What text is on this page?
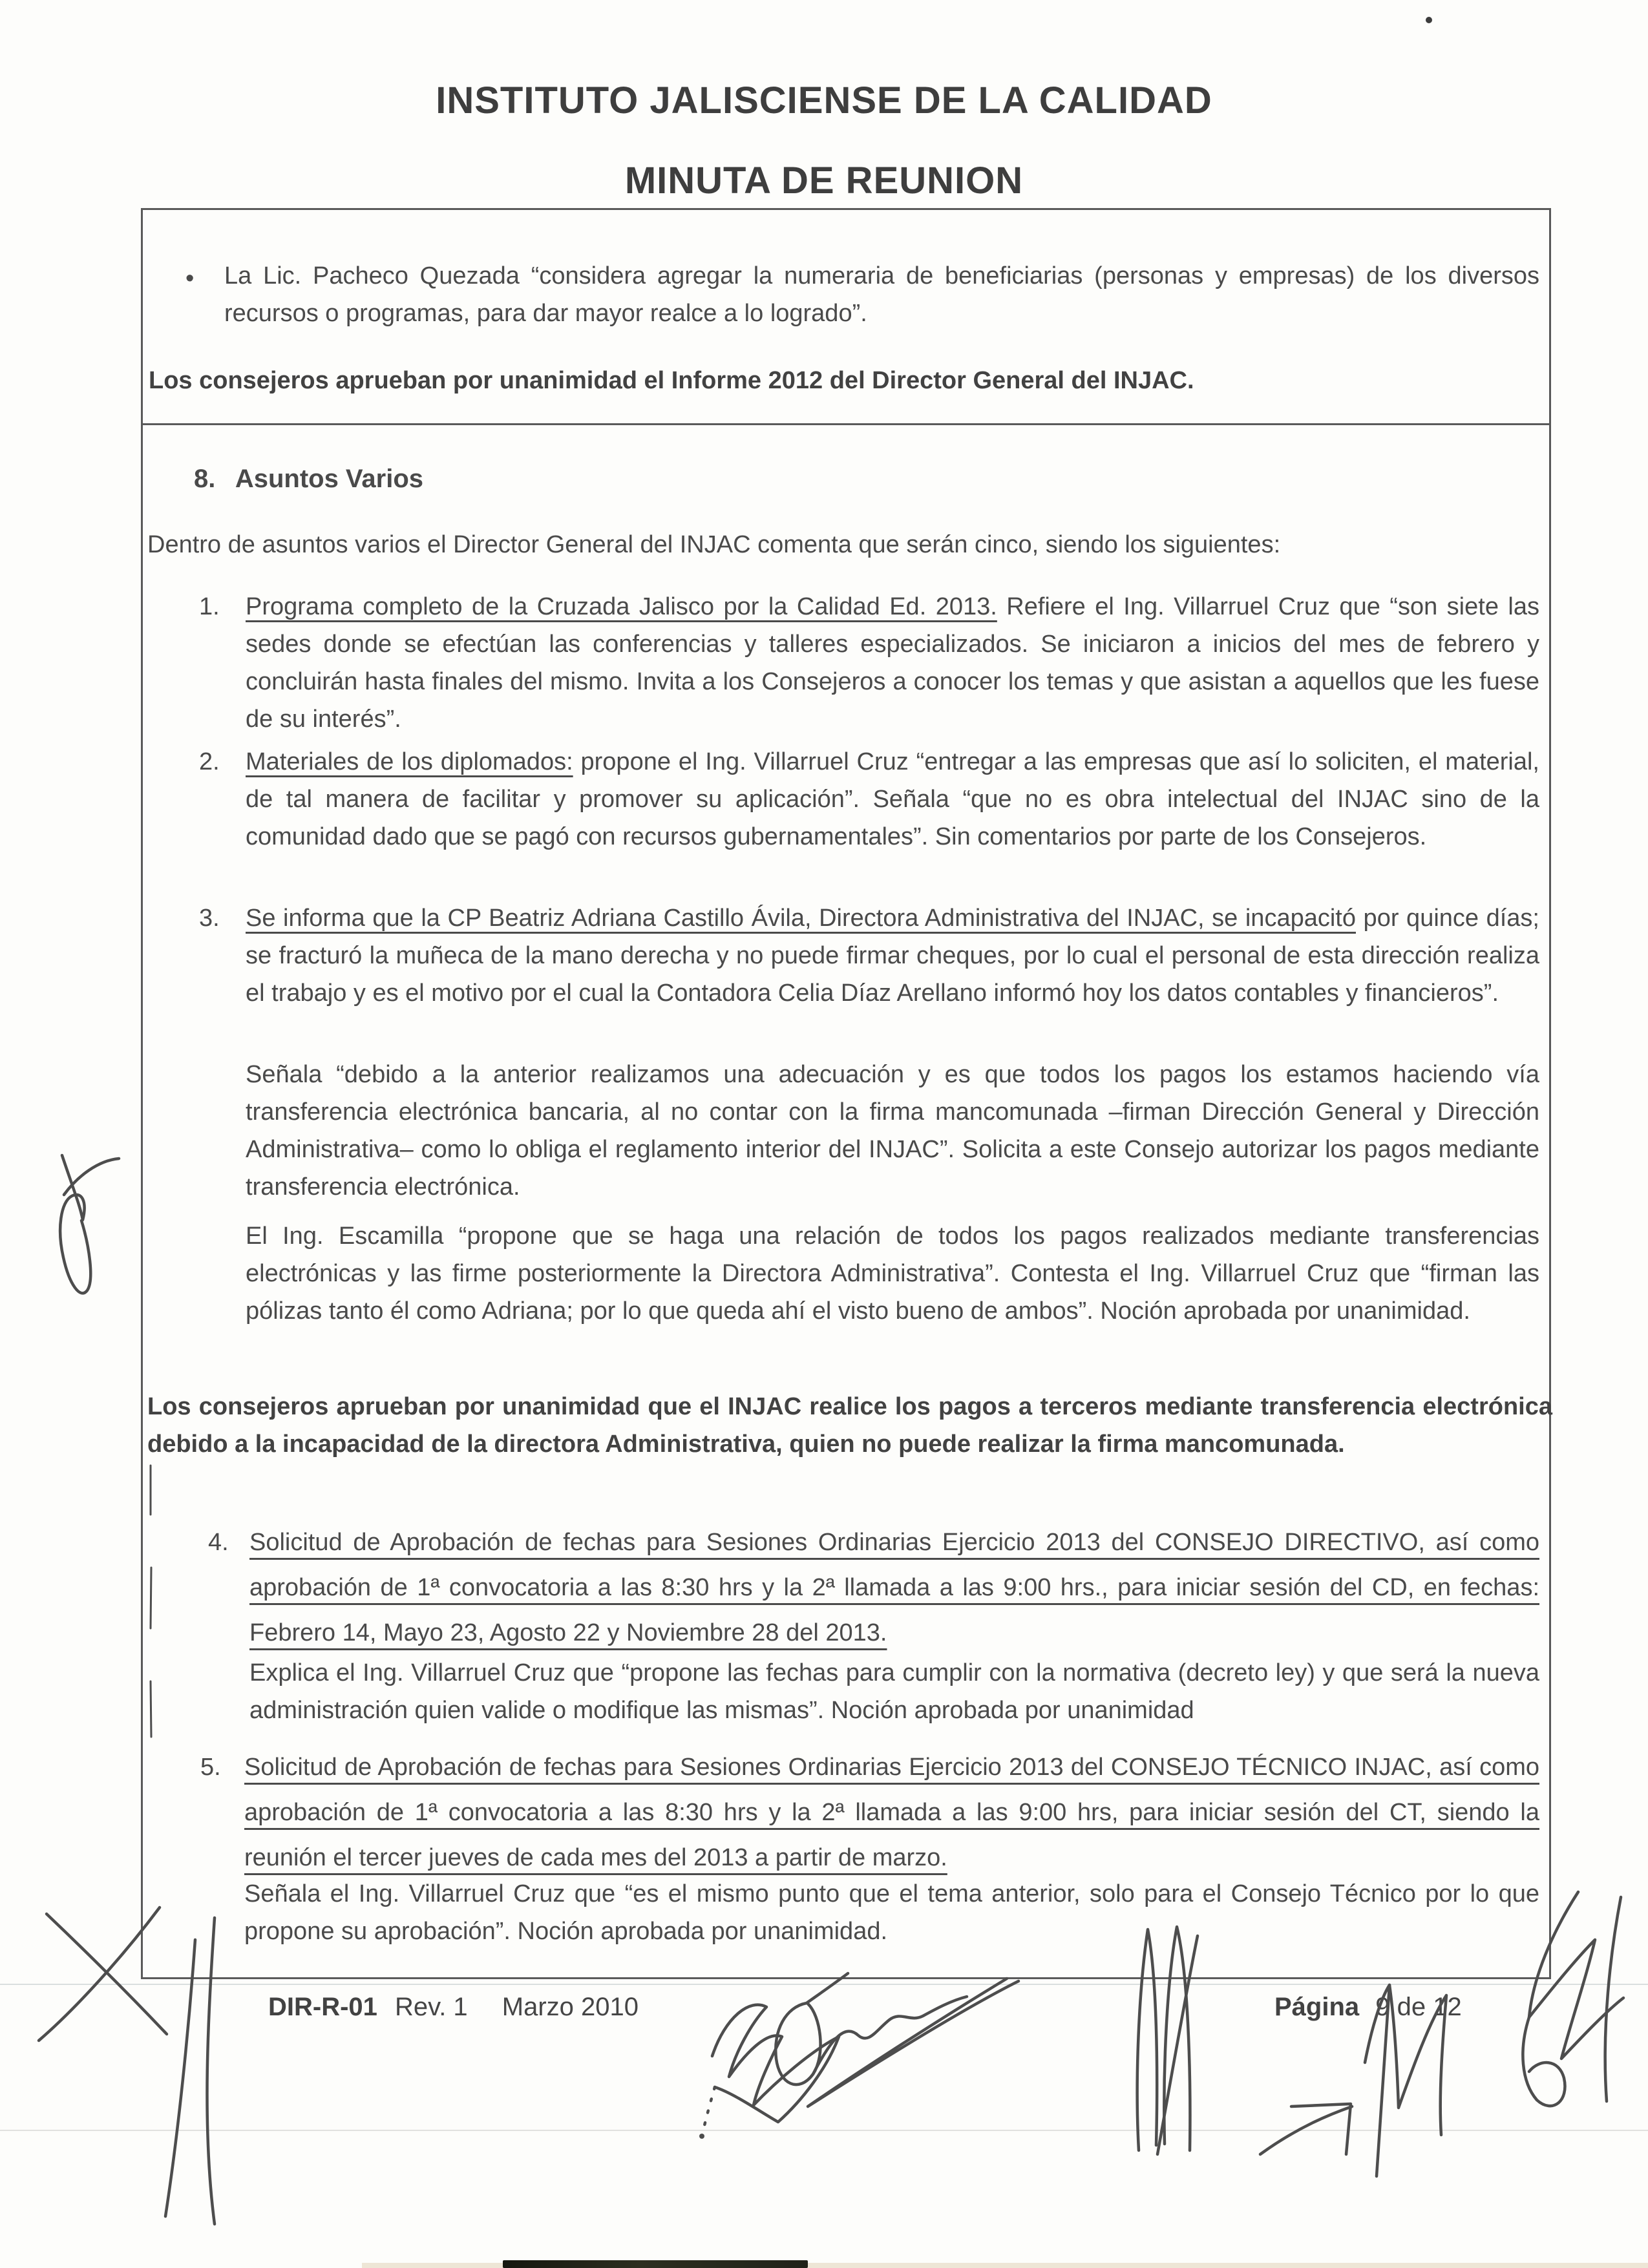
INSTITUTO JALISCIENSE DE LA CALIDAD
MINUTA DE REUNION
• La Lic. Pacheco Quezada “considera agregar la numeraria de beneficiarias (personas y empresas) de los diversos recursos o programas, para dar mayor realce a lo logrado”.
Los consejeros aprueban por unanimidad el Informe 2012 del Director General del INJAC.
8. Asuntos Varios
Dentro de asuntos varios el Director General del INJAC comenta que serán cinco, siendo los siguientes:
1. Programa completo de la Cruzada Jalisco por la Calidad Ed. 2013. Refiere el Ing. Villarruel Cruz que “son siete las sedes donde se efectúan las conferencias y talleres especializados. Se iniciaron a inicios del mes de febrero y concluirán hasta finales del mismo. Invita a los Consejeros a conocer los temas y que asistan a aquellos que les fuese de su interés”.
2. Materiales de los diplomados: propone el Ing. Villarruel Cruz “entregar a las empresas que así lo soliciten, el material, de tal manera de facilitar y promover su aplicación”. Señala “que no es obra intelectual del INJAC sino de la comunidad dado que se pagó con recursos gubernamentales”. Sin comentarios por parte de los Consejeros.
3. Se informa que la CP Beatriz Adriana Castillo Ávila, Directora Administrativa del INJAC, se incapacitó por quince días; se fracturó la muñeca de la mano derecha y no puede firmar cheques, por lo cual el personal de esta dirección realiza el trabajo y es el motivo por el cual la Contadora Celia Díaz Arellano informó hoy los datos contables y financieros”.
Señala “debido a la anterior realizamos una adecuación y es que todos los pagos los estamos haciendo vía transferencia electrónica bancaria, al no contar con la firma mancomunada –firman Dirección General y Dirección Administrativa– como lo obliga el reglamento interior del INJAC”. Solicita a este Consejo autorizar los pagos mediante transferencia electrónica.
El Ing. Escamilla “propone que se haga una relación de todos los pagos realizados mediante transferencias electrónicas y las firme posteriormente la Directora Administrativa”. Contesta el Ing. Villarruel Cruz que “firman las pólizas tanto él como Adriana; por lo que queda ahí el visto bueno de ambos”. Noción aprobada por unanimidad.
Los consejeros aprueban por unanimidad que el INJAC realice los pagos a terceros mediante transferencia electrónica debido a la incapacidad de la directora Administrativa, quien no puede realizar la firma mancomunada.
4. Solicitud de Aprobación de fechas para Sesiones Ordinarias Ejercicio 2013 del CONSEJO DIRECTIVO, así como aprobación de 1ª convocatoria a las 8:30 hrs y la 2ª llamada a las 9:00 hrs., para iniciar sesión del CD, en fechas: Febrero 14, Mayo 23, Agosto 22 y Noviembre 28 del 2013.
Explica el Ing. Villarruel Cruz que “propone las fechas para cumplir con la normativa (decreto ley) y que será la nueva administración quien valide o modifique las mismas”. Noción aprobada por unanimidad
5. Solicitud de Aprobación de fechas para Sesiones Ordinarias Ejercicio 2013 del CONSEJO TÉCNICO INJAC, así como aprobación de 1ª convocatoria a las 8:30 hrs y la 2ª llamada a las 9:00 hrs, para iniciar sesión del CT, siendo la reunión el tercer jueves de cada mes del 2013 a partir de marzo.
Señala el Ing. Villarruel Cruz que “es el mismo punto que el tema anterior, solo para el Consejo Técnico por lo que propone su aprobación”. Noción aprobada por unanimidad.
DIR-R-01 Rev. 1 Marzo 2010	Página 9 de 12
